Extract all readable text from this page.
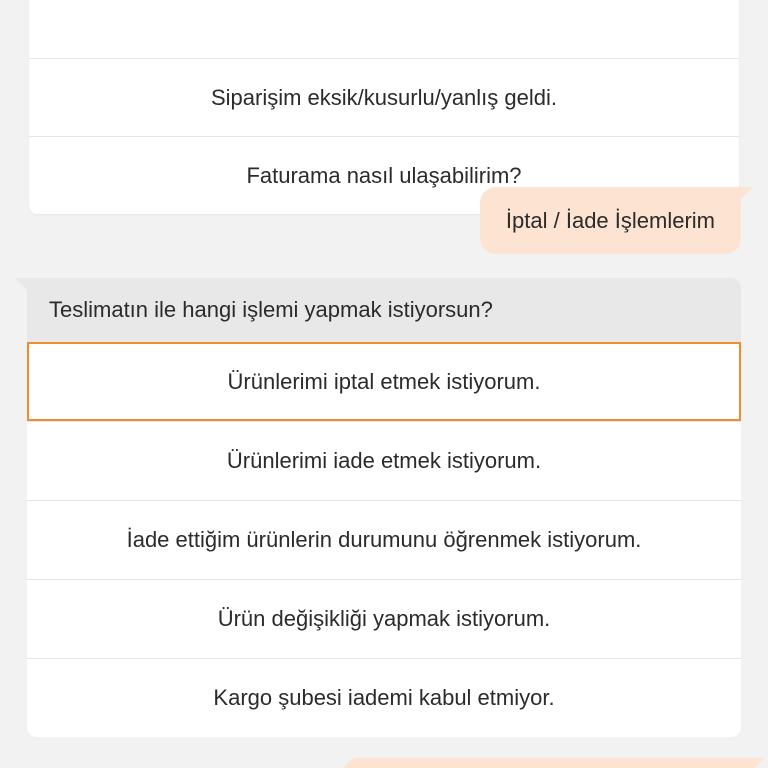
Siparişim eksik/kusurlu/yanlış geldi.
Faturama nasıl ulaşabilirim?
İptal / İade İşlemlerim
Teslimatın ile hangi işlemi yapmak istiyorsun?
Ürünlerimi iptal etmek istiyorum.
Ürünlerimi iade etmek istiyorum.
İade ettiğim ürünlerin durumunu öğrenmek istiyorum.
Ürün değişikliği yapmak istiyorum.
Kargo şubesi iademi kabul etmiyor.
